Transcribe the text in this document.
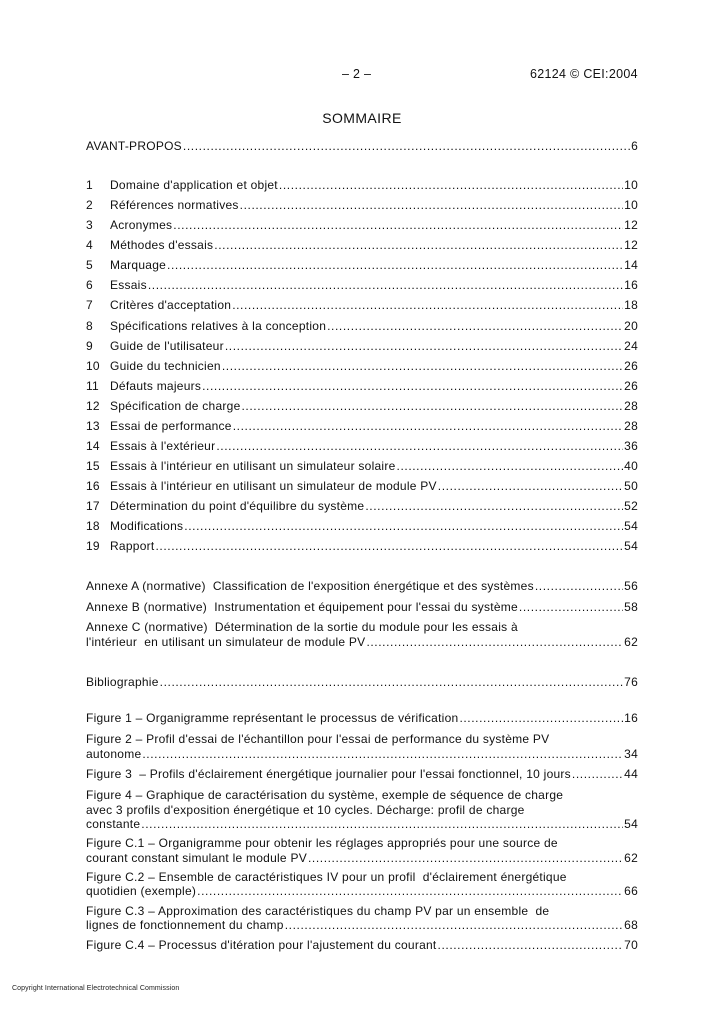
– 2 –	62124 © CEI:2004
SOMMAIRE
AVANT-PROPOS .....	6
1	Domaine d'application et objet .....	10
2	Références normatives .....	10
3	Acronymes .....	12
4	Méthodes d'essais .....	12
5	Marquage .....	14
6	Essais .....	16
7	Critères d'acceptation .....	18
8	Spécifications relatives à la conception .....	20
9	Guide de l'utilisateur .....	24
10 Guide du technicien .....	26
11 Défauts majeurs .....	26
12 Spécification de charge .....	28
13 Essai de performance .....	28
14 Essais à l'extérieur .....	36
15 Essais à l'intérieur en utilisant un simulateur solaire .....	40
16 Essais à l'intérieur en utilisant un simulateur de module PV .....	50
17 Détermination du point d'équilibre du système .....	52
18 Modifications .....	54
19 Rapport .....	54
Annexe A (normative)  Classification de l'exposition énergétique et des systèmes .....	56
Annexe B (normative)  Instrumentation et équipement pour l'essai du système .....	58
Annexe C (normative)  Détermination de la sortie du module pour les essais à
l'intérieur  en utilisant un simulateur de module PV .....	62
Bibliographie .....	76
Figure 1 – Organigramme représentant le processus de vérification .....	16
Figure 2 – Profil d'essai de l'échantillon pour l'essai de performance du système PV
autonome .....	34
Figure 3  – Profils d'éclairement énergétique journalier pour l'essai fonctionnel, 10 jours .....	44
Figure 4 – Graphique de caractérisation du système, exemple de séquence de charge
avec 3 profils d'exposition énergétique et 10 cycles. Décharge: profil de charge
constante .....	54
Figure C.1 – Organigramme pour obtenir les réglages appropriés pour une source de
courant constant simulant le module PV .....	62
Figure C.2 – Ensemble de caractéristiques IV pour un profil  d'éclairement énergétique
quotidien (exemple) .....	66
Figure C.3 – Approximation des caractéristiques du champ PV par un ensemble  de
lignes de fonctionnement du champ .....	68
Figure C.4 – Processus d'itération pour l'ajustement du courant .....	70
Copyright International Electrotechnical Commission
